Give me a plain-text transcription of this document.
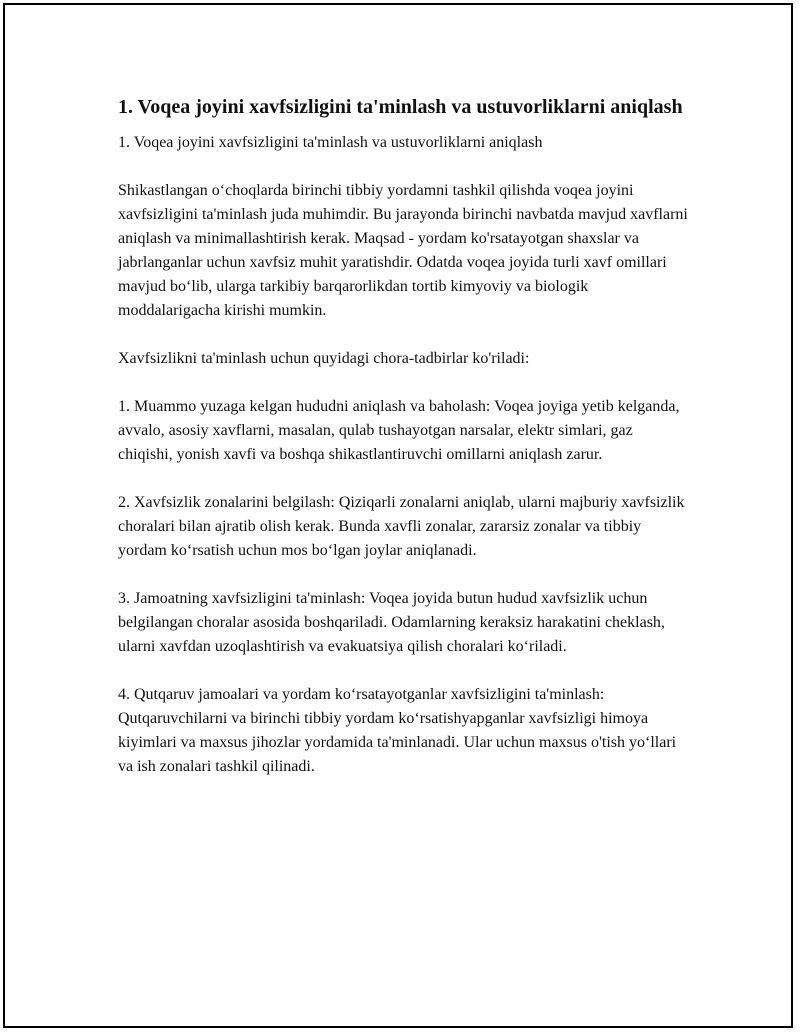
1. Voqea joyini xavfsizligini ta'minlash va ustuvorliklarni aniqlash

1. Voqea joyini xavfsizligini ta'minlash va ustuvorliklarni aniqlash

Shikastlangan oʻchoqlarda birinchi tibbiy yordamni tashkil qilishda voqea joyini xavfsizligini ta'minlash juda muhimdir. Bu jarayonda birinchi navbatda mavjud xavflarni aniqlash va minimallashtirish kerak. Maqsad - yordam ko'rsatayotgan shaxslar va jabrlanganlar uchun xavfsiz muhit yaratishdir. Odatda voqea joyida turli xavf omillari mavjud boʻlib, ularga tarkibiy barqarorlikdan tortib kimyoviy va biologik moddalarigacha kirishi mumkin.

Xavfsizlikni ta'minlash uchun quyidagi chora-tadbirlar ko'riladi:

1. Muammo yuzaga kelgan hududni aniqlash va baholash: Voqea joyiga yetib kelganda, avvalo, asosiy xavflarni, masalan, qulab tushayotgan narsalar, elektr simlari, gaz chiqishi, yonish xavfi va boshqa shikastlantiruvchi omillarni aniqlash zarur.

2. Xavfsizlik zonalarini belgilash: Qiziqarli zonalarni aniqlab, ularni majburiy xavfsizlik choralari bilan ajratib olish kerak. Bunda xavfli zonalar, zararsiz zonalar va tibbiy yordam koʻrsatish uchun mos boʻlgan joylar aniqlanadi.

3. Jamoatning xavfsizligini ta'minlash: Voqea joyida butun hudud xavfsizlik uchun belgilangan choralar asosida boshqariladi. Odamlarning keraksiz harakatini cheklash, ularni xavfdan uzoqlashtirish va evakuatsiya qilish choralari koʻriladi.

4. Qutqaruv jamoalari va yordam koʻrsatayotganlar xavfsizligini ta'minlash: Qutqaruvchilarni va birinchi tibbiy yordam koʻrsatishyapganlar xavfsizligi himoya kiyimlari va maxsus jihozlar yordamida ta'minlanadi. Ular uchun maxsus o'tish yoʻllari va ish zonalari tashkil qilinadi.
